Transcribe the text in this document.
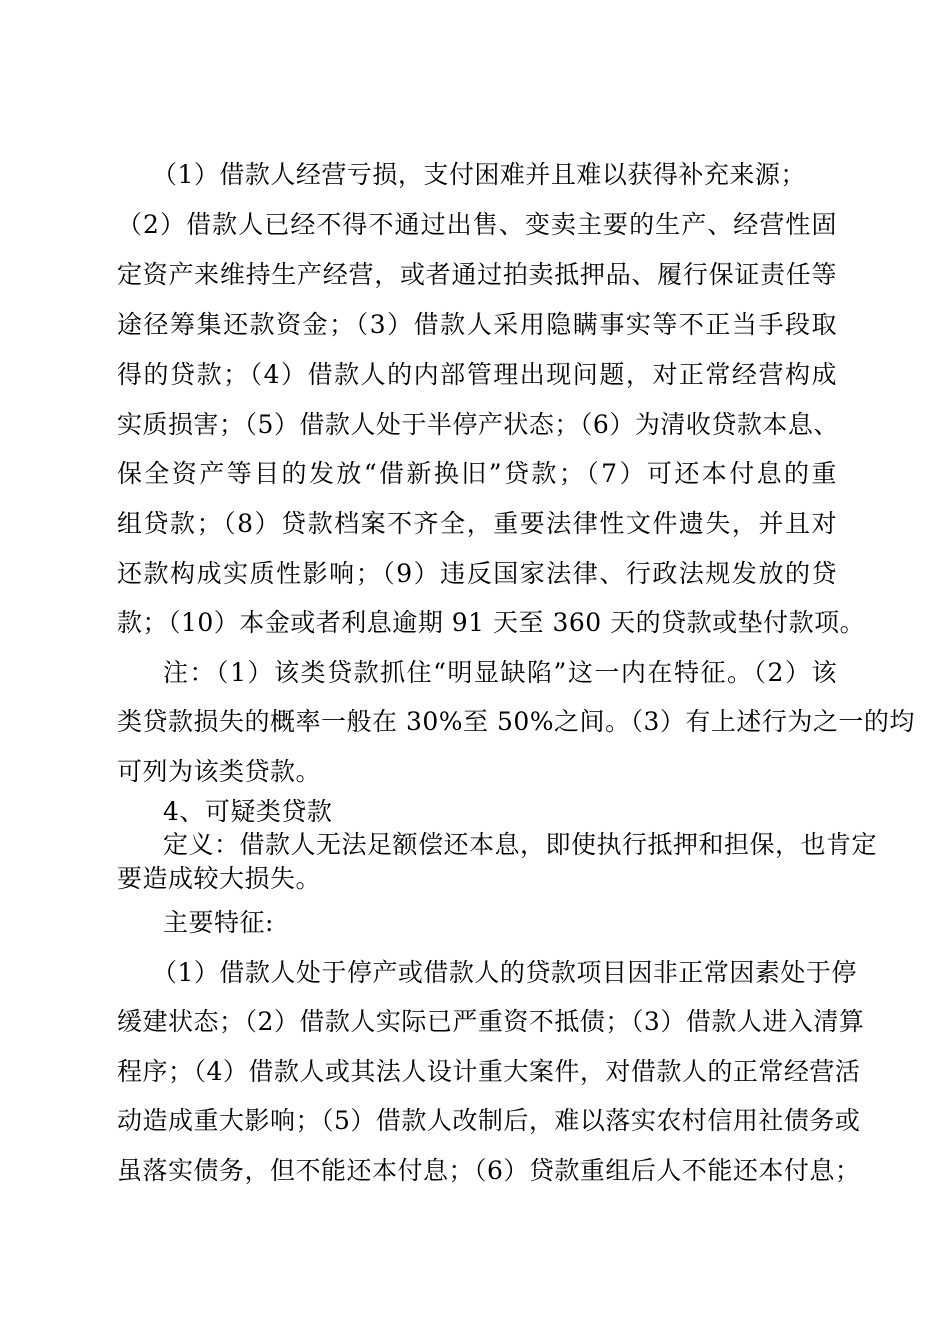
（1）借款人经营亏损，支付困难并且难以获得补充来源；
（2）借款人已经不得不通过出售、变卖主要的生产、经营性固
定资产来维持生产经营，或者通过拍卖抵押品、履行保证责任等
途径筹集还款资金；（3）借款人采用隐瞒事实等不正当手段取
得的贷款；（4）借款人的内部管理出现问题，对正常经营构成
实质损害；（5）借款人处于半停产状态；（6）为清收贷款本息、
保全资产等目的发放“借新换旧”贷款；（7）可还本付息的重
组贷款；（8）贷款档案不齐全，重要法律性文件遗失，并且对
还款构成实质性影响；（9）违反国家法律、行政法规发放的贷
款；（10）本金或者利息逾期 91 天至 360 天的贷款或垫付款项。
注：（1）该类贷款抓住“明显缺陷”这一内在特征。（2）该
类贷款损失的概率一般在 30%至 50%之间。（3）有上述行为之一的均
可列为该类贷款。
4、可疑类贷款
定义：借款人无法足额偿还本息，即使执行抵押和担保，也肯定
要造成较大损失。
主要特征:
（1）借款人处于停产或借款人的贷款项目因非正常因素处于停
缓建状态；（2）借款人实际已严重资不抵债；（3）借款人进入清算
程序；（4）借款人或其法人设计重大案件，对借款人的正常经营活
动造成重大影响；（5）借款人改制后，难以落实农村信用社债务或
虽落实债务，但不能还本付息；（6）贷款重组后人不能还本付息；
